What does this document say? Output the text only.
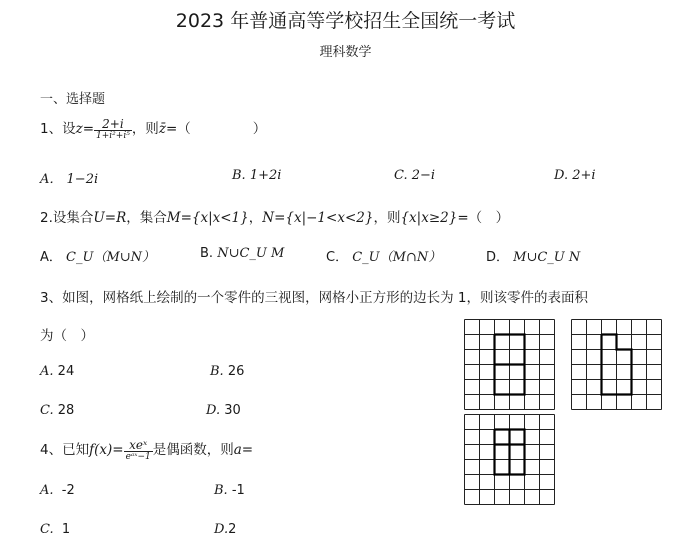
2023 年普通高等学校招生全国统一考试
理科数学
一、选择题
1、设$z= \frac{2+i}{\text{1+i²+i⁵}}$ ，则z̄=（	）
A． 1−2i	B. 1+2i	C. 2−i	D. 2+i
2.设集合U=R，集合M={x|x<1}，N={x|−1<x<2}，则{x|x≥2}=（　）
A． C_U（M∪N）	B. N∪C_U M	C． C_U（M∩N）	D． M∪C_U N
3、如图，网格纸上绘制的一个零件的三视图，网格小正方形的边长为 1，则该零件的表面积
为（　）
A. 24	B. 26
C. 28	D. 30
4、已知$f(x)= \frac{\text{xeˣ}}{\text{eᵃˣ−1}}$ 是偶函数，则a=
A. -2	B. -1
C. 1	D.2
